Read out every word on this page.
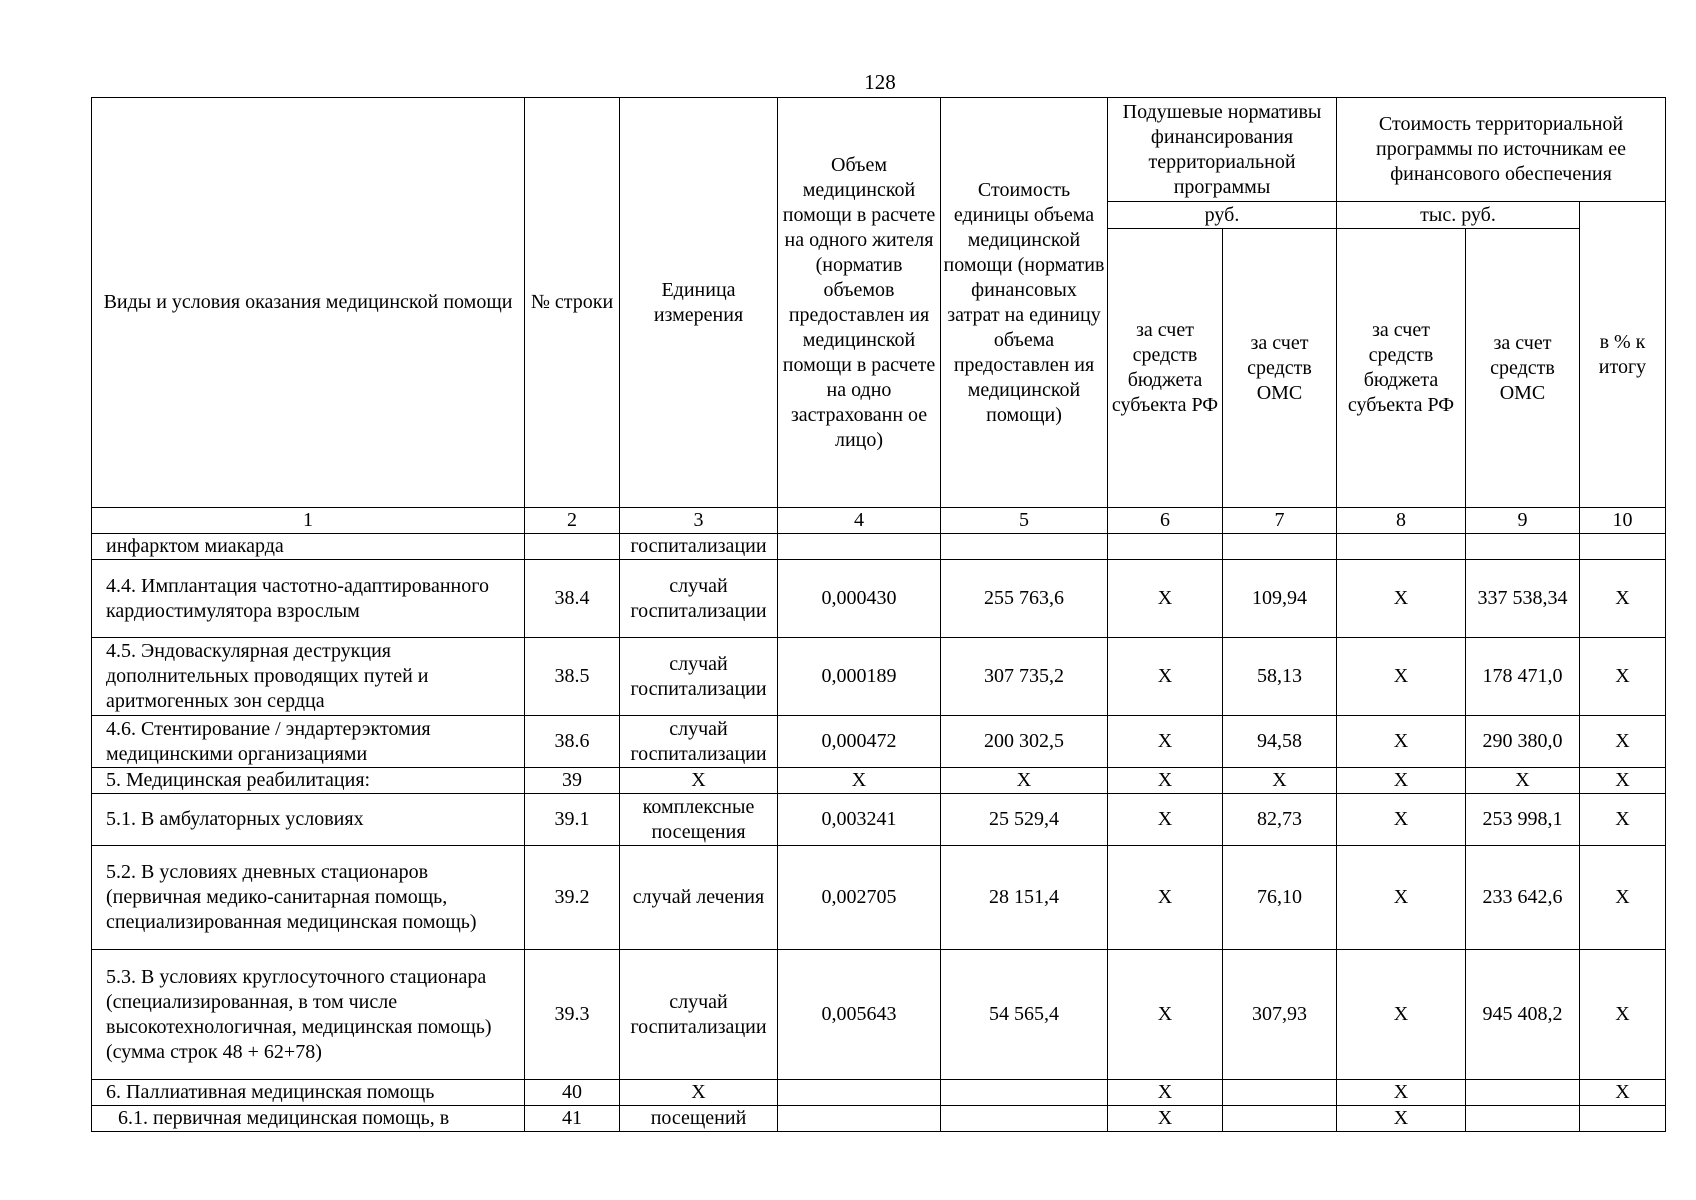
128
Виды и условия оказания медицинской помощи	№ строки	Единица измерения	Объем медицинской помощи в расчете на одного жителя (норматив объемов предоставлен ия медицинской помощи в расчете на одно застрахованн ое лицо)	Стоимость единицы объема медицинской помощи (норматив финансовых затрат на единицу объема предоставлен ия медицинской помощи)	Подушевые нормативы финансирования территориальной программы		Стоимость территориальной программы по источникам ее финансового обеспечения		
					руб.		тыс. руб.		в % к итогу
					за счет средств бюджета субъекта РФ	за счет средств ОМС	за счет средств бюджета субъекта РФ	за счет средств ОМС	
1	2	3	4	5	6	7	8	9	10
инфарктом миакарда		госпитализации							
4.4. Имплантация частотно-адаптированного кардиостимулятора взрослым	38.4	случай госпитализации	0,000430	255 763,6	X	109,94	X	337 538,34	X
4.5. Эндоваскулярная деструкция дополнительных проводящих путей и аритмогенных зон сердца	38.5	случай госпитализации	0,000189	307 735,2	X	58,13	X	178 471,0	X
4.6. Стентирование / эндартерэктомия медицинскими организациями	38.6	случай госпитализации	0,000472	200 302,5	X	94,58	X	290 380,0	X
5. Медицинская реабилитация:	39	X	X	X	X	X	X	X	X
5.1. В амбулаторных условиях	39.1	комплексные посещения	0,003241	25 529,4	X	82,73	X	253 998,1	X
5.2. В условиях дневных стационаров (первичная медико-санитарная помощь, специализированная медицинская помощь)	39.2	случай лечения	0,002705	28 151,4	X	76,10	X	233 642,6	X
5.3. В условиях круглосуточного стационара (специализированная, в том числе высокотехнологичная, медицинская помощь) (сумма строк 48 + 62+78)	39.3	случай госпитализации	0,005643	54 565,4	X	307,93	X	945 408,2	X
6. Паллиативная медицинская помощь	40	X			X		X		X
6.1. первичная медицинская помощь, в	41	посещений			X		X		
